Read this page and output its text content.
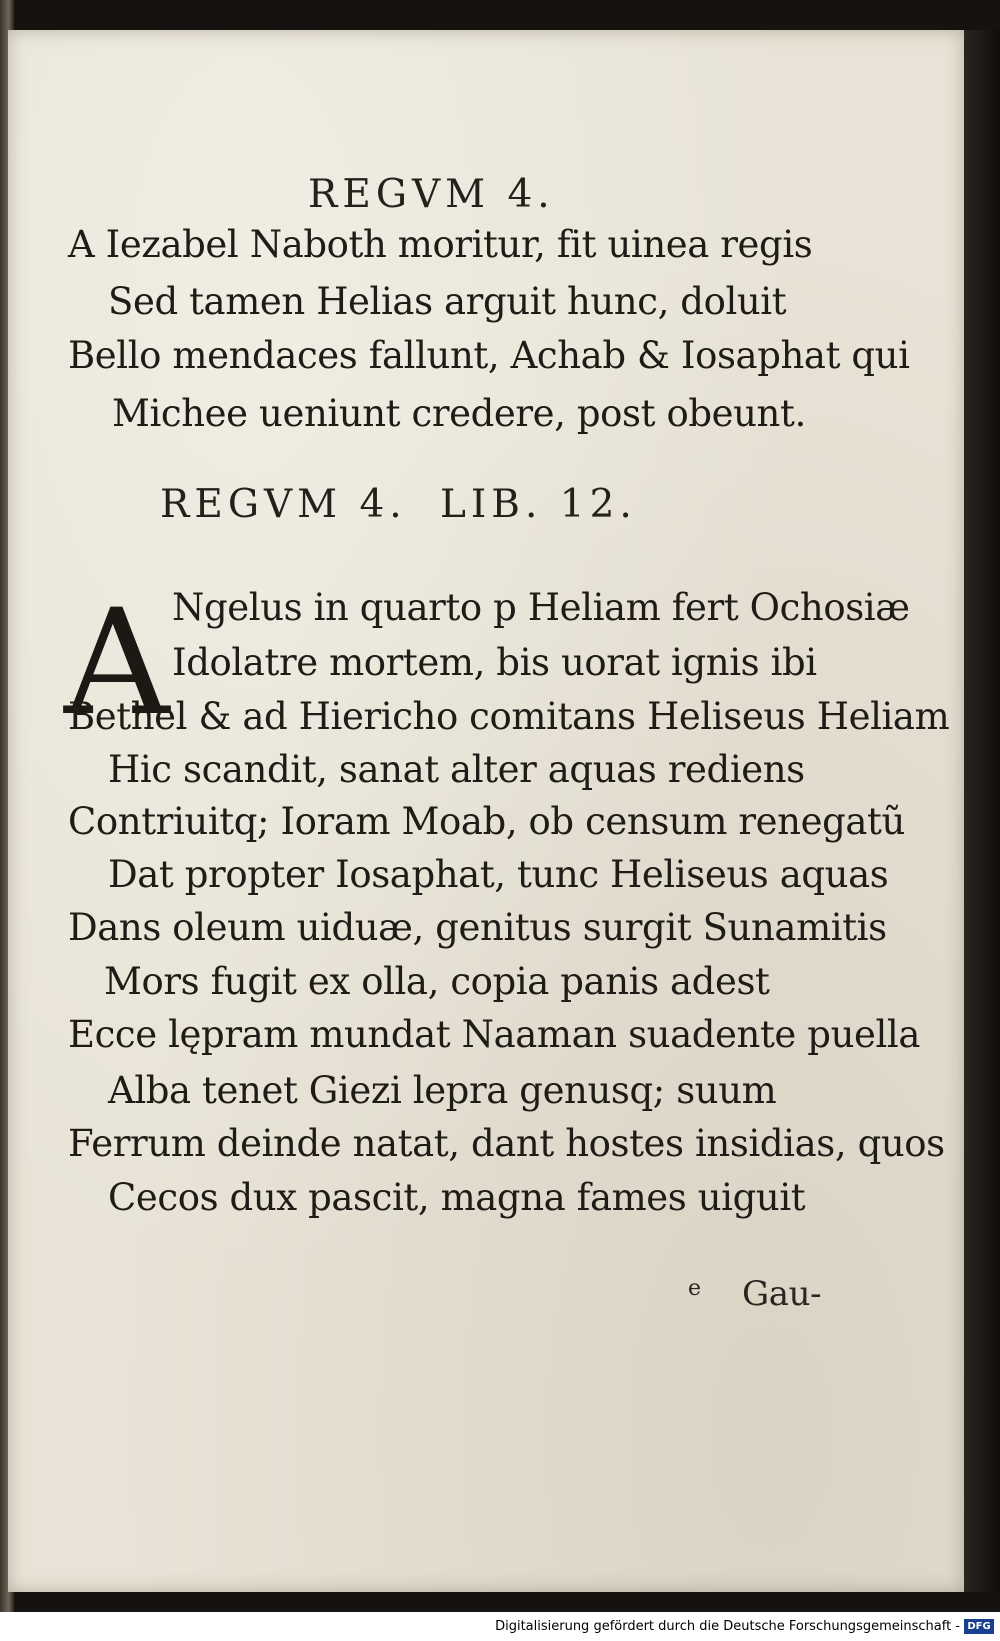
REGVM 4.
A Iezabel Naboth moritur, fit uinea regis
Sed tamen Helias arguit hunc, doluit
Bello mendaces fallunt, Achab & Iosaphat qui
Michee ueniunt credere, post obeunt.
REGVM 4. LIB. 12.
A Ngelus in quarto p Heliam fert Ochosiæ
Idolatre mortem, bis uorat ignis ibi
Bethel & ad Hiericho comitans Heliseus Heliam
Hic scandit, sanat alter aquas rediens
Contriuitq; Ioram Moab, ob censum renegatũ
Dat propter Iosaphat, tunc Heliseus aquas
Dans oleum uiduæ, genitus surgit Sunamitis
Mors fugit ex olla, copia panis adest
Ecce lępram mundat Naaman suadente puella
Alba tenet Giezi lepra genusq; suum
Ferrum deinde natat, dant hostes insidias, quos
Cecos dux pascit, magna fames uiguit
e Gau-
Digitalisierung gefördert durch die Deutsche Forschungsgemeinschaft - DFG
